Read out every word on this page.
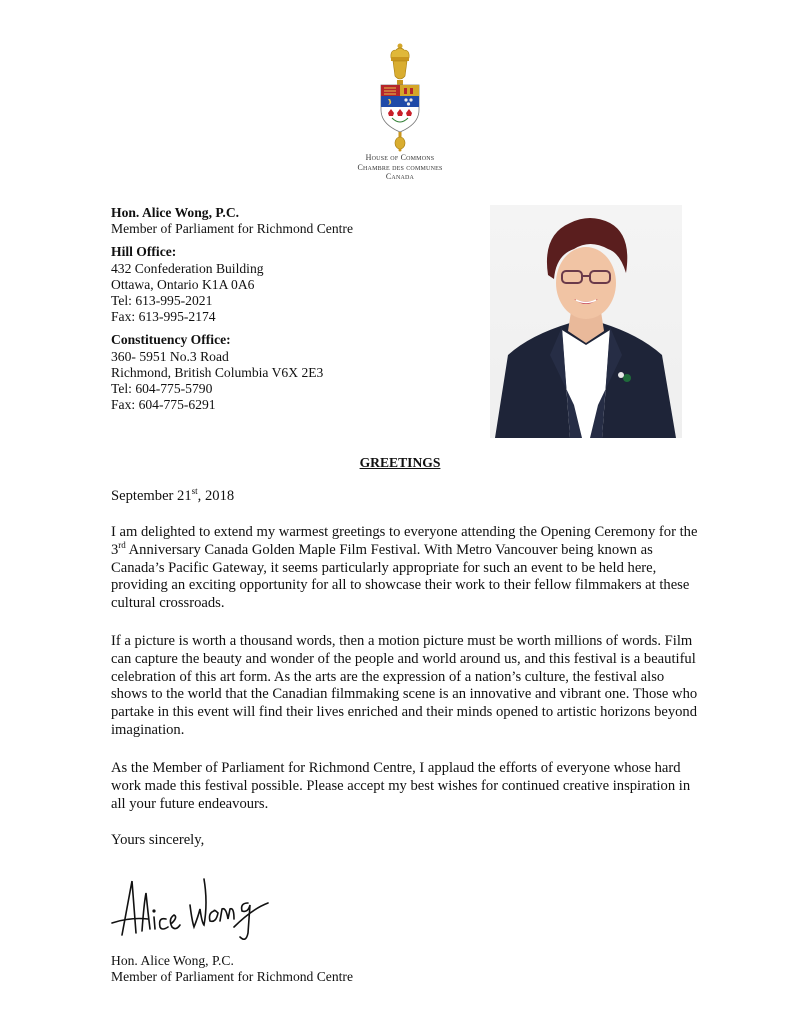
House of Commons
Chambre des communes
Canada
Hon. Alice Wong, P.C.
Member of Parliament for Richmond Centre
Hill Office:
432 Confederation Building
Ottawa, Ontario K1A 0A6
Tel: 613-995-2021
Fax: 613-995-2174
Constituency Office:
360- 5951 No.3 Road
Richmond, British Columbia V6X 2E3
Tel: 604-775-5790
Fax: 604-775-6291
GREETINGS
September 21st, 2018
I am delighted to extend my warmest greetings to everyone attending the Opening Ceremony for the 3rd Anniversary Canada Golden Maple Film Festival. With Metro Vancouver being known as Canada’s Pacific Gateway, it seems particularly appropriate for such an event to be held here, providing an exciting opportunity for all to showcase their work to their fellow filmmakers at these cultural crossroads.
If a picture is worth a thousand words, then a motion picture must be worth millions of words. Film can capture the beauty and wonder of the people and world around us, and this festival is a beautiful celebration of this art form. As the arts are the expression of a nation’s culture, the festival also shows to the world that the Canadian filmmaking scene is an innovative and vibrant one. Those who partake in this event will find their lives enriched and their minds opened to artistic horizons beyond imagination.
As the Member of Parliament for Richmond Centre, I applaud the efforts of everyone whose hard work made this festival possible. Please accept my best wishes for continued creative inspiration in all your future endeavours.
Yours sincerely,
Hon. Alice Wong, P.C.
Member of Parliament for Richmond Centre
